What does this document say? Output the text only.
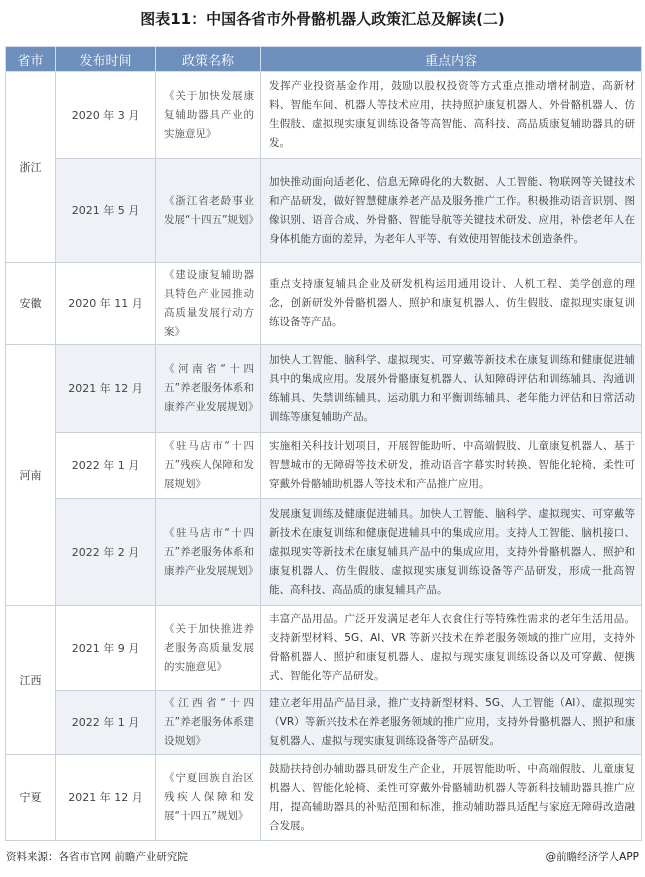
图表11：中国各省市外骨骼机器人政策汇总及解读(二)
省市	发布时间	政策名称	重点内容
浙江	2020 年 3 月	《关于加快发展康复辅助器具产业的实施意见》	发挥产业投资基金作用，鼓励以股权投资等方式重点推动增材制造、高新材料、智能车间、机器人等技术应用，扶持照护康复机器人、外骨骼机器人、仿生假肢、虚拟现实康复训练设备等高智能、高科技、高品质康复辅助器具的研发。
	2021 年 5 月	《浙江省老龄事业发展“十四五”规划》	加快推动面向适老化、信息无障碍化的大数据、人工智能、物联网等关键技术和产品研发，做好智慧健康养老产品及服务推广工作。积极推动语音识别、图像识别、语音合成、外骨骼、智能导航等关键技术研发、应用，补偿老年人在身体机能方面的差异，为老年人平等、有效使用智能技术创造条件。
安徽	2020 年 11 月	《建设康复辅助器具特色产业园推动高质量发展行动方案》	重点支持康复辅具企业及研发机构运用通用设计、人机工程、美学创意的理念，创新研发外骨骼机器人、照护和康复机器人、仿生假肢、虚拟现实康复训练设备等产品。
河南	2021 年 12 月	《河南省“十四五”养老服务体系和康养产业发展规划》	加快人工智能、脑科学、虚拟现实、可穿戴等新技术在康复训练和健康促进辅具中的集成应用。发展外骨骼康复机器人、认知障碍评估和训练辅具、沟通训练辅具、失禁训练辅具、运动肌力和平衡训练辅具、老年能力评估和日常活动训练等康复辅助产品。
	2022 年 1 月	《驻马店市“十四五”残疾人保障和发展规划》	实施相关科技计划项目，开展智能助听、中高端假肢、儿童康复机器人、基于智慧城市的无障碍等技术研发，推动语音字幕实时转换、智能化轮椅、柔性可穿戴外骨骼辅助机器人等技术和产品推广应用。
	2022 年 2 月	《驻马店市“十四五”养老服务体系和康养产业发展规划》	发展康复训练及健康促进辅具。加快人工智能、脑科学、虚拟现实、可穿戴等新技术在康复训练和健康促进辅具中的集成应用。支持人工智能、脑机接口、虚拟现实等新技术在康复辅具产品中的集成应用，支持外骨骼机器人、照护和康复机器人、仿生假肢、虚拟现实康复训练设备等产品研发，形成一批高智能、高科技、高品质的康复辅具产品。
江西	2021 年 9 月	《关于加快推进养老服务高质量发展的实施意见》	丰富产品用品。广泛开发满足老年人衣食住行等特殊性需求的老年生活用品。支持新型材料、5G、AI、VR 等新兴技术在养老服务领域的推广应用，支持外骨骼机器人、照护和康复机器人、虚拟与现实康复训练设备以及可穿戴、便携式、智能化等产品研发。
	2022 年 1 月	《江西省“十四五”养老服务体系建设规划》	建立老年用品产品目录，推广支持新型材料、5G、人工智能（AI）、虚拟现实（VR）等新兴技术在养老服务领域的推广应用，支持外骨骼机器人、照护和康复机器人、虚拟与现实康复训练设备等产品研发。
宁夏	2021 年 12 月	《宁夏回族自治区残疾人保障和发展“十四五”规划》	鼓励扶持创办辅助器具研发生产企业，开展智能助听、中高端假肢、儿童康复机器人、智能化轮椅、柔性可穿戴外骨骼辅助机器人等新科技辅助器具推广应用，提高辅助器具的补贴范围和标准，推动辅助器具适配与家庭无障碍改造融合发展。
资料来源：各省市官网 前瞻产业研究院	@前瞻经济学人APP
